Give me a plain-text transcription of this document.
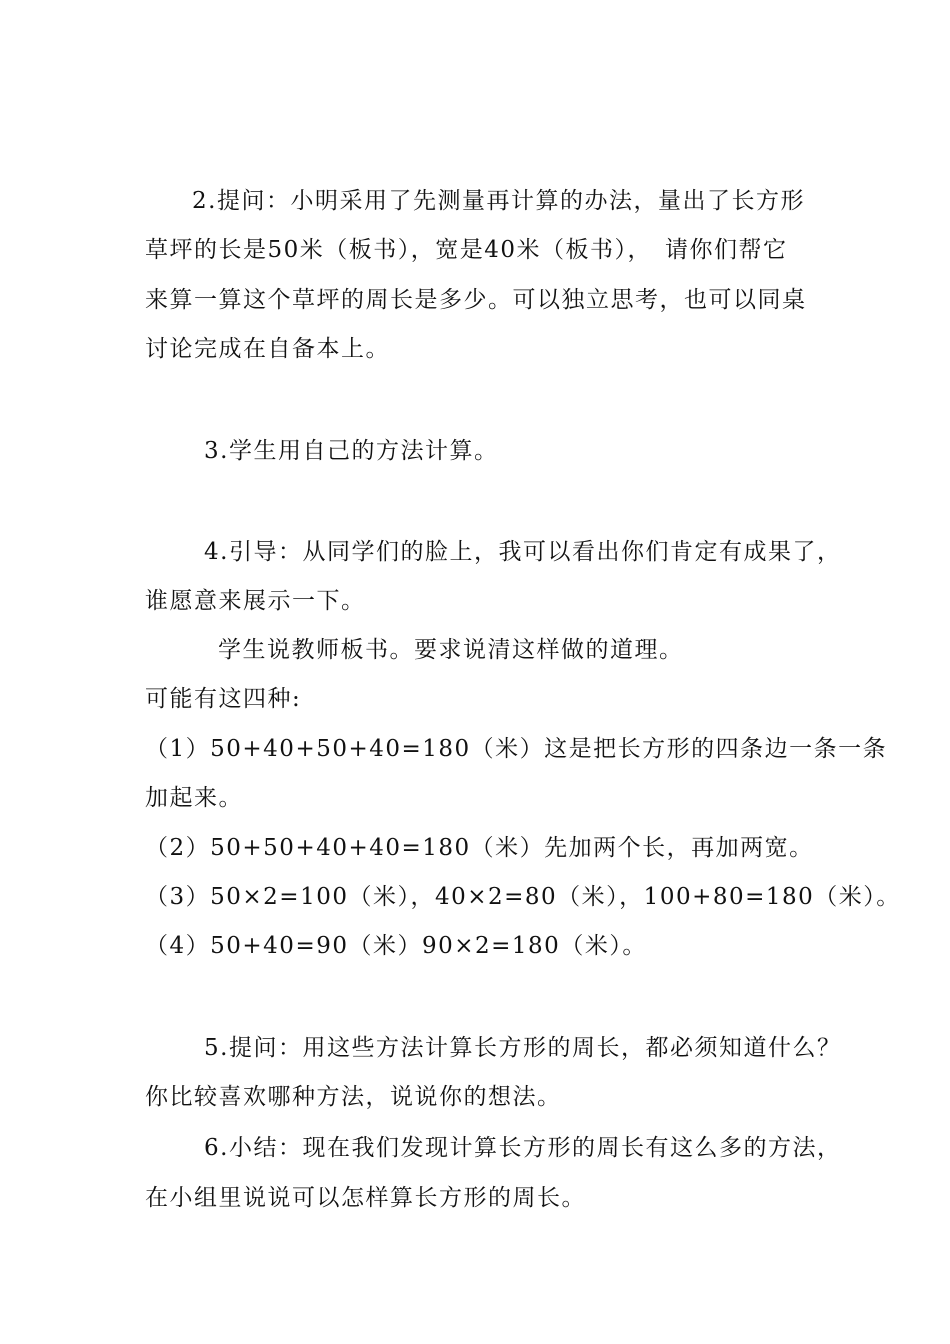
2.提问：小明采用了先测量再计算的办法，量出了长方形
草坪的长是50米（板书），宽是40米（板书），　请你们帮它
来算一算这个草坪的周长是多少。可以独立思考，也可以同桌
讨论完成在自备本上。
3.学生用自己的方法计算。
4.引导：从同学们的脸上，我可以看出你们肯定有成果了，
谁愿意来展示一下。
学生说教师板书。要求说清这样做的道理。
可能有这四种:
（1）50+40+50+40=180（米）这是把长方形的四条边一条一条
加起来。
（2）50+50+40+40=180（米）先加两个长，再加两宽。
（3）50×2=100（米），40×2=80（米），100+80=180（米）。
（4）50+40=90（米）90×2=180（米）。
5.提问：用这些方法计算长方形的周长，都必须知道什么？
你比较喜欢哪种方法，说说你的想法。
6.小结：现在我们发现计算长方形的周长有这么多的方法，
在小组里说说可以怎样算长方形的周长。
